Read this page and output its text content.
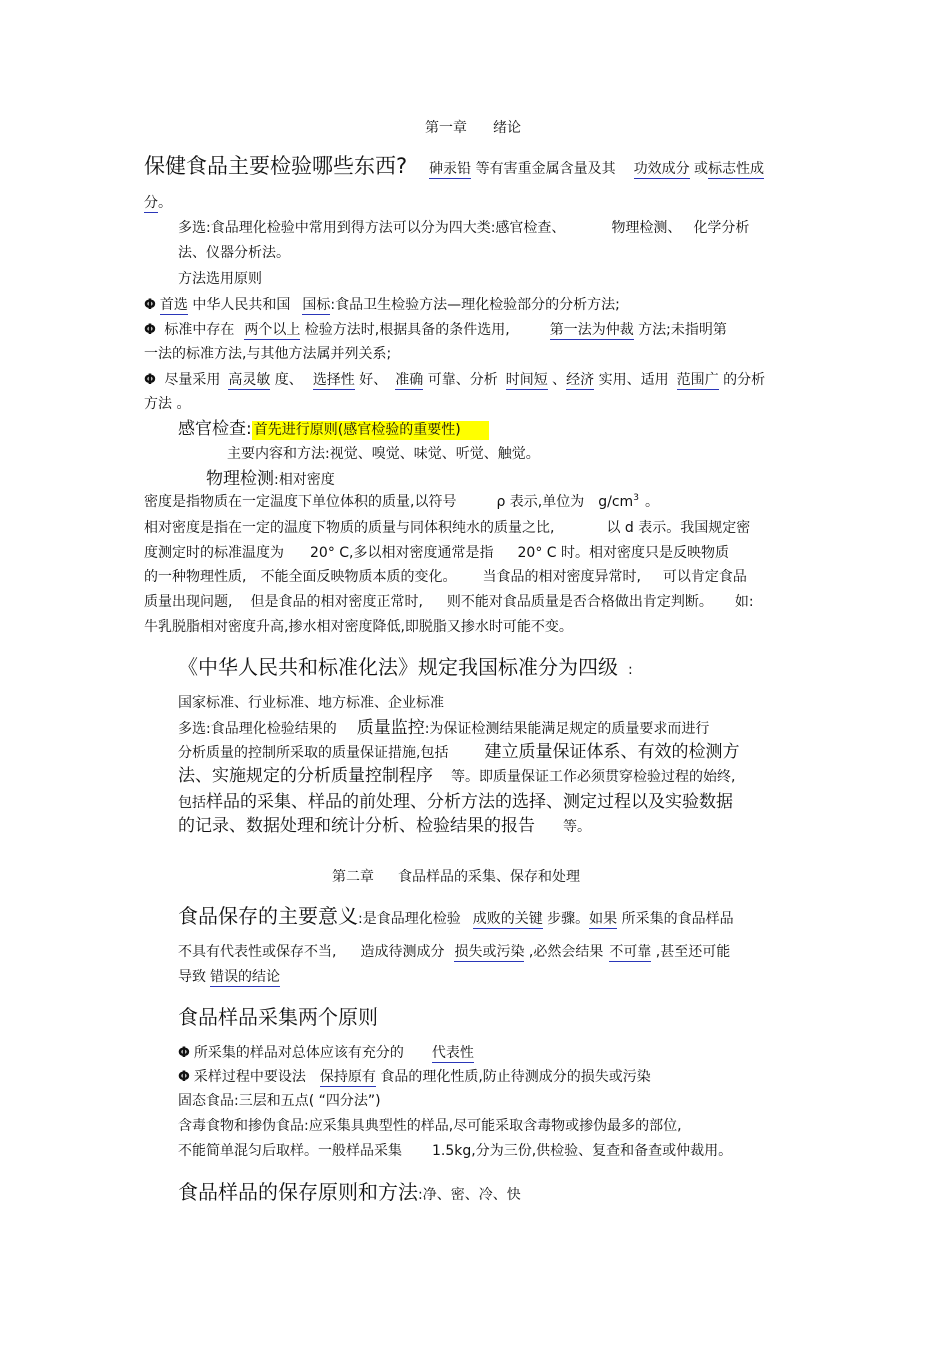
第一章 绪论
保健食品主要检验哪些东西? 砷汞铅 等有害重金属含量及其 功效成分 或标志性成
分。
多选:食品理化检验中常用到得方法可以分为四大类:感官检查、	物理检测、 化学分析
法、仪器分析法。
方法选用原则
Φ 首选 中华人民共和国 国标:食品卫生检验方法—理化检验部分的分析方法;
Φ 标准中存在 两个以上 检验方法时,根据具备的条件选用,	第一法为仲裁 方法;未指明第
一法的标准方法,与其他方法属并列关系;
Φ 尽量采用 高灵敏 度、 选择性 好、 准确 可靠、分析 时间短 、经济 实用、适用 范围广 的分析
方法 。
感官检查: 首先进行原则(感官检验的重要性)
主要内容和方法:视觉、嗅觉、味觉、听觉、触觉。
物理检测:相对密度
密度是指物质在一定温度下单位体积的质量,以符号	ρ 表示,单位为 $g/cm^3$ 。
相对密度是指在一定的温度下物质的质量与同体积纯水的质量之比,	以 d 表示。我国规定密
度测定时的标准温度为 20° C,多以相对密度通常是指 20° C 时。相对密度只是反映物质
的一种物理性质, 不能全面反映物质本质的变化。 当食品的相对密度异常时, 可以肯定食品
质量出现问题, 但是食品的相对密度正常时, 则不能对食品质量是否合格做出肯定判断。 如:
牛乳脱脂相对密度升高,掺水相对密度降低,即脱脂又掺水时可能不变。
《中华人民共和标准化法》规定我国标准分为四级 :
国家标准、行业标准、地方标准、企业标准
多选:食品理化检验结果的 质量监控:为保证检测结果能满足规定的质量要求而进行
分析质量的控制所采取的质量保证措施,包括 建立质量保证体系、有效的检测方
法、实施规定的分析质量控制程序 等。即质量保证工作必须贯穿检验过程的始终,
包括样品的采集、样品的前处理、分析方法的选择、测定过程以及实验数据
的记录、数据处理和统计分析、检验结果的报告 等。
第二章 食品样品的采集、保存和处理
食品保存的主要意义:是食品理化检验 成败的关键 步骤。如果 所采集的食品样品
不具有代表性或保存不当, 造成待测成分 损失或污染 ,必然会结果 不可靠 ,甚至还可能
导致 错误的结论
食品样品采集两个原则
Φ 所采集的样品对总体应该有充分的 代表性
Φ 采样过程中要设法 保持原有 食品的理化性质,防止待测成分的损失或污染
固态食品:三层和五点( “四分法”)
含毒食物和掺伪食品:应采集具典型性的样品,尽可能采取含毒物或掺伪最多的部位,
不能简单混匀后取样。一般样品采集 1.5kg,分为三份,供检验、复查和备查或仲裁用。
食品样品的保存原则和方法:净、密、冷、快
